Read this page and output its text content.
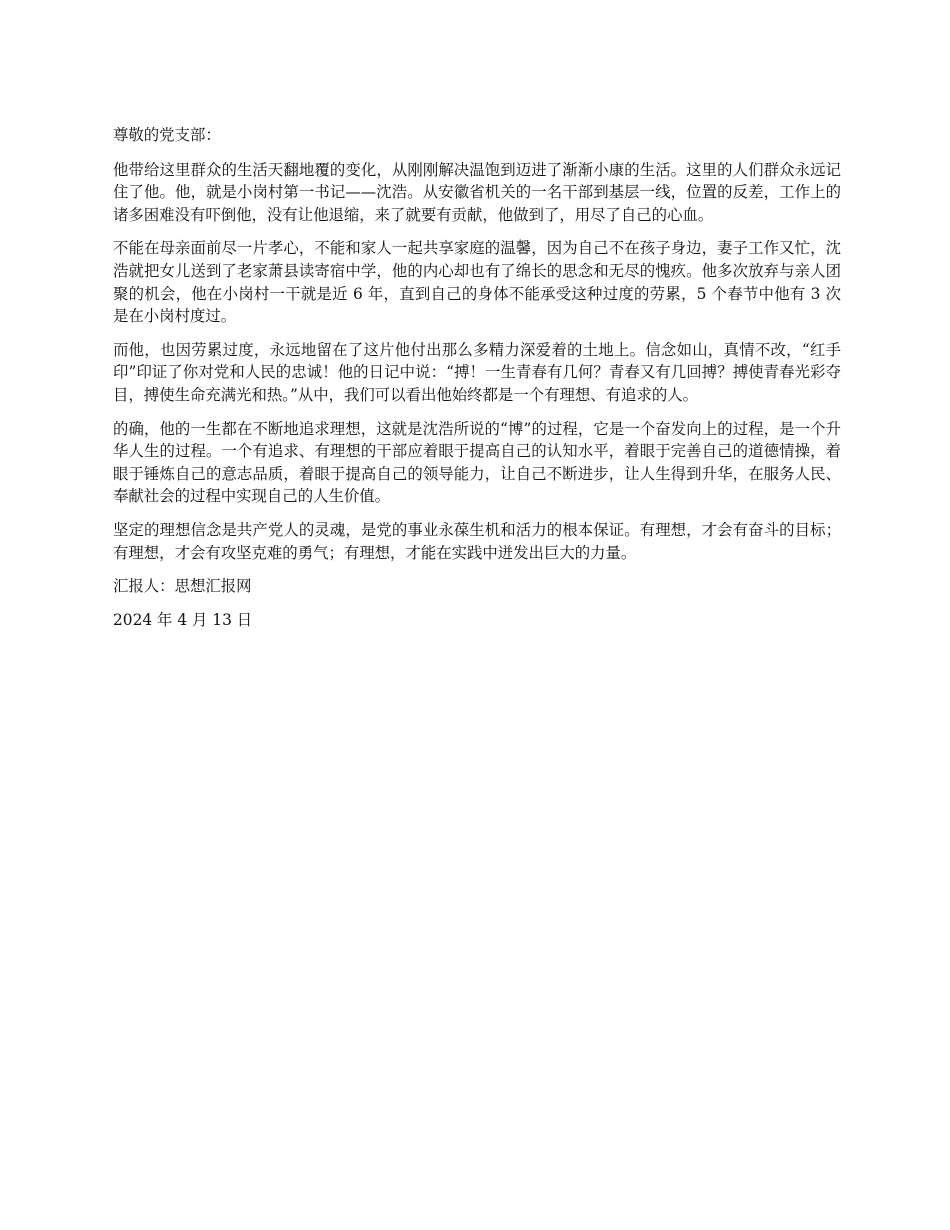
尊敬的党支部：

他带给这里群众的生活天翻地覆的变化，从刚刚解决温饱到迈进了渐渐小康的生活。这里的人们群众永远记住了他。他，就是小岗村第一书记——沈浩。从安徽省机关的一名干部到基层一线，位置的反差，工作上的诸多困难没有吓倒他，没有让他退缩，来了就要有贡献，他做到了，用尽了自己的心血。

不能在母亲面前尽一片孝心，不能和家人一起共享家庭的温馨，因为自己不在孩子身边，妻子工作又忙，沈浩就把女儿送到了老家萧县读寄宿中学，他的内心却也有了绵长的思念和无尽的愧疚。他多次放弃与亲人团聚的机会，他在小岗村一干就是近 6 年，直到自己的身体不能承受这种过度的劳累，5 个春节中他有 3 次是在小岗村度过。

而他，也因劳累过度，永远地留在了这片他付出那么多精力深爱着的土地上。信念如山，真情不改，“红手印”印证了你对党和人民的忠诚！他的日记中说：“搏！一生青春有几何？青春又有几回搏？搏使青春光彩夺目，搏使生命充满光和热。”从中，我们可以看出他始终都是一个有理想、有追求的人。

的确，他的一生都在不断地追求理想，这就是沈浩所说的“博”的过程，它是一个奋发向上的过程，是一个升华人生的过程。一个有追求、有理想的干部应着眼于提高自己的认知水平，着眼于完善自己的道德情操，着眼于锤炼自己的意志品质，着眼于提高自己的领导能力，让自己不断进步，让人生得到升华，在服务人民、奉献社会的过程中实现自己的人生价值。

坚定的理想信念是共产党人的灵魂，是党的事业永葆生机和活力的根本保证。有理想，才会有奋斗的目标；有理想，才会有攻坚克难的勇气；有理想，才能在实践中迸发出巨大的力量。

汇报人：思想汇报网

2024 年 4 月 13 日
